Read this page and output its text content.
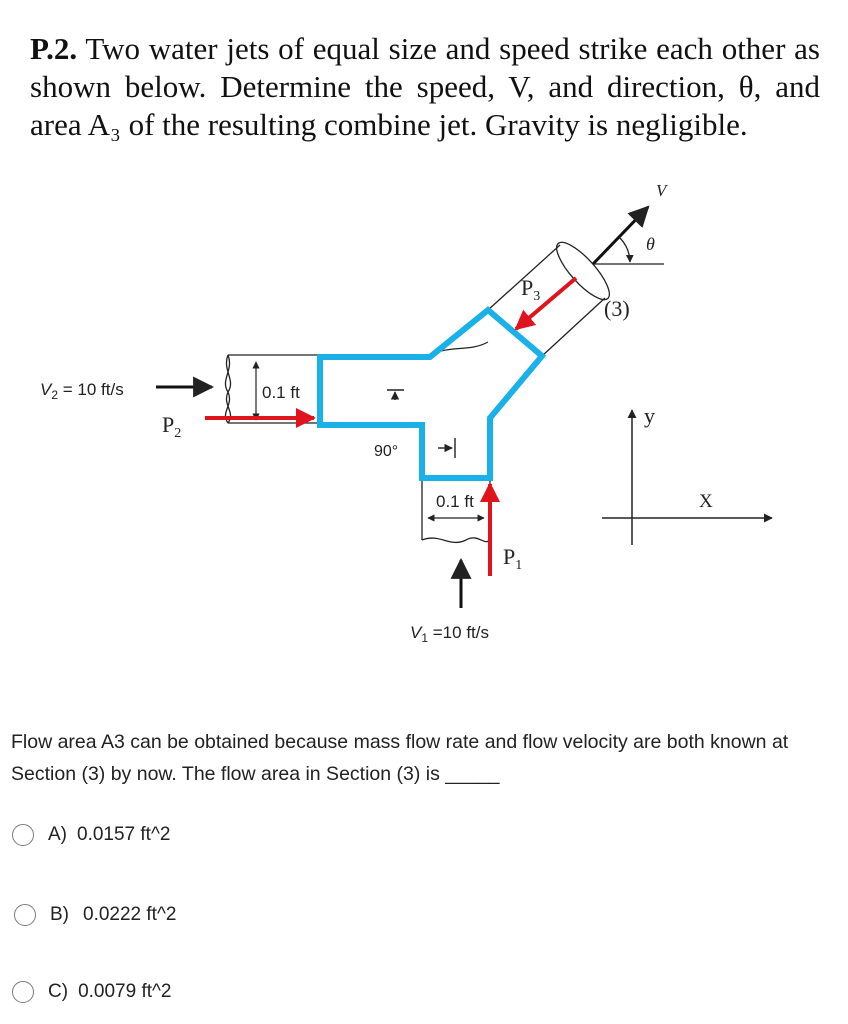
P.2. Two water jets of equal size and speed strike each other as shown below. Determine the speed, V, and direction, θ, and area A₃ of the resulting combine jet. Gravity is negligible.
0.1 ft
90°
0.1 ft
$V_2 = 10$ ft/s
$P_2$
$P_1$
$V_1 =10$ ft/s
$P_3$	(3)
V
θ
y
X
Flow area A3 can be obtained because mass flow rate and flow velocity are both known at Section (3) by now. The flow area in Section (3) is _____
A) 0.0157 ft^2
B) 0.0222 ft^2
C) 0.0079 ft^2
